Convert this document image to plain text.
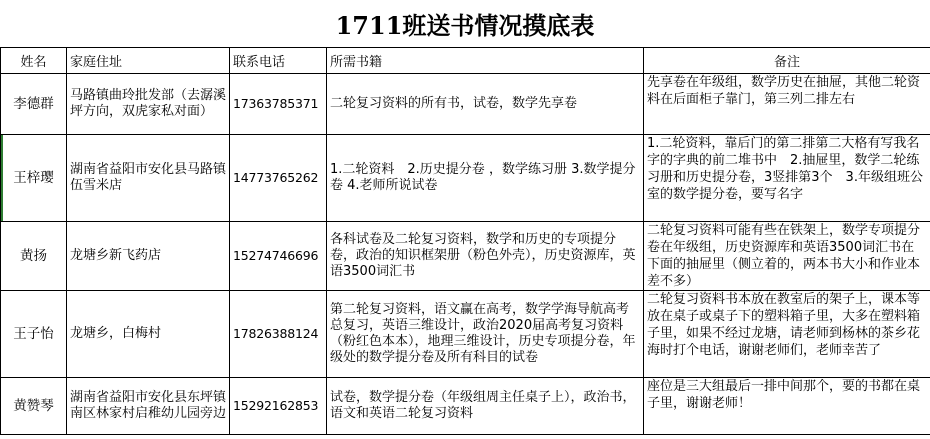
1711班送书情况摸底表
姓名	家庭住址	联系电话	所需书籍	备注
李德群	马路镇曲玲批发部（去潺溪坪方向，双虎家私对面）	17363785371	二轮复习资料的所有书，试卷，数学先享卷	先享卷在年级组，数学历史在抽屉，其他二轮资料在后面柜子靠门，第三列二排左右
王梓璎	湖南省益阳市安化县马路镇 伍雪米店	14773765262	1.二轮资料　2.历史提分卷 ，数学练习册 3.数学提分卷 4.老师所说试卷	1.二轮资料，靠后门的第二排第二大格有写我名字的字典的前二堆书中　2.抽屉里，数学二轮练习册和历史提分卷，3竖排第3个　3.年级组班公室的数学提分卷，要写名字
黄扬	龙塘乡新飞药店	15274746696	各科试卷及二轮复习资料，数学和历史的专项提分卷，政治的知识框架册（粉色外壳），历史资源库，英语3500词汇书	二轮复习资料可能有些在铁架上，数学专项提分卷在年级组，历史资源库和英语3500词汇书在下面的抽屉里（侧立着的，两本书大小和作业本差不多）
王子怡	龙塘乡，白梅村	17826388124	第二轮复习资料，语文赢在高考，数学学海导航高考总复习，英语三维设计，政治2020届高考复习资料（粉红色本本），地理三维设计，历史专项提分卷，年级处的数学提分卷及所有科目的试卷	二轮复习资料书本放在教室后的架子上，课本等放在桌子或桌子下的塑料箱子里，大多在塑料箱子里，如果不经过龙塘，请老师到杨林的茶乡花海时打个电话，谢谢老师们，老师幸苦了
黄赞琴	湖南省益阳市安化县东坪镇南区林家村启稚幼儿园旁边	15292162853	试卷，数学提分卷（年级组周主任桌子上），政治书，语文和英语二轮复习资料	座位是三大组最后一排中间那个，要的书都在桌子里，谢谢老师！
